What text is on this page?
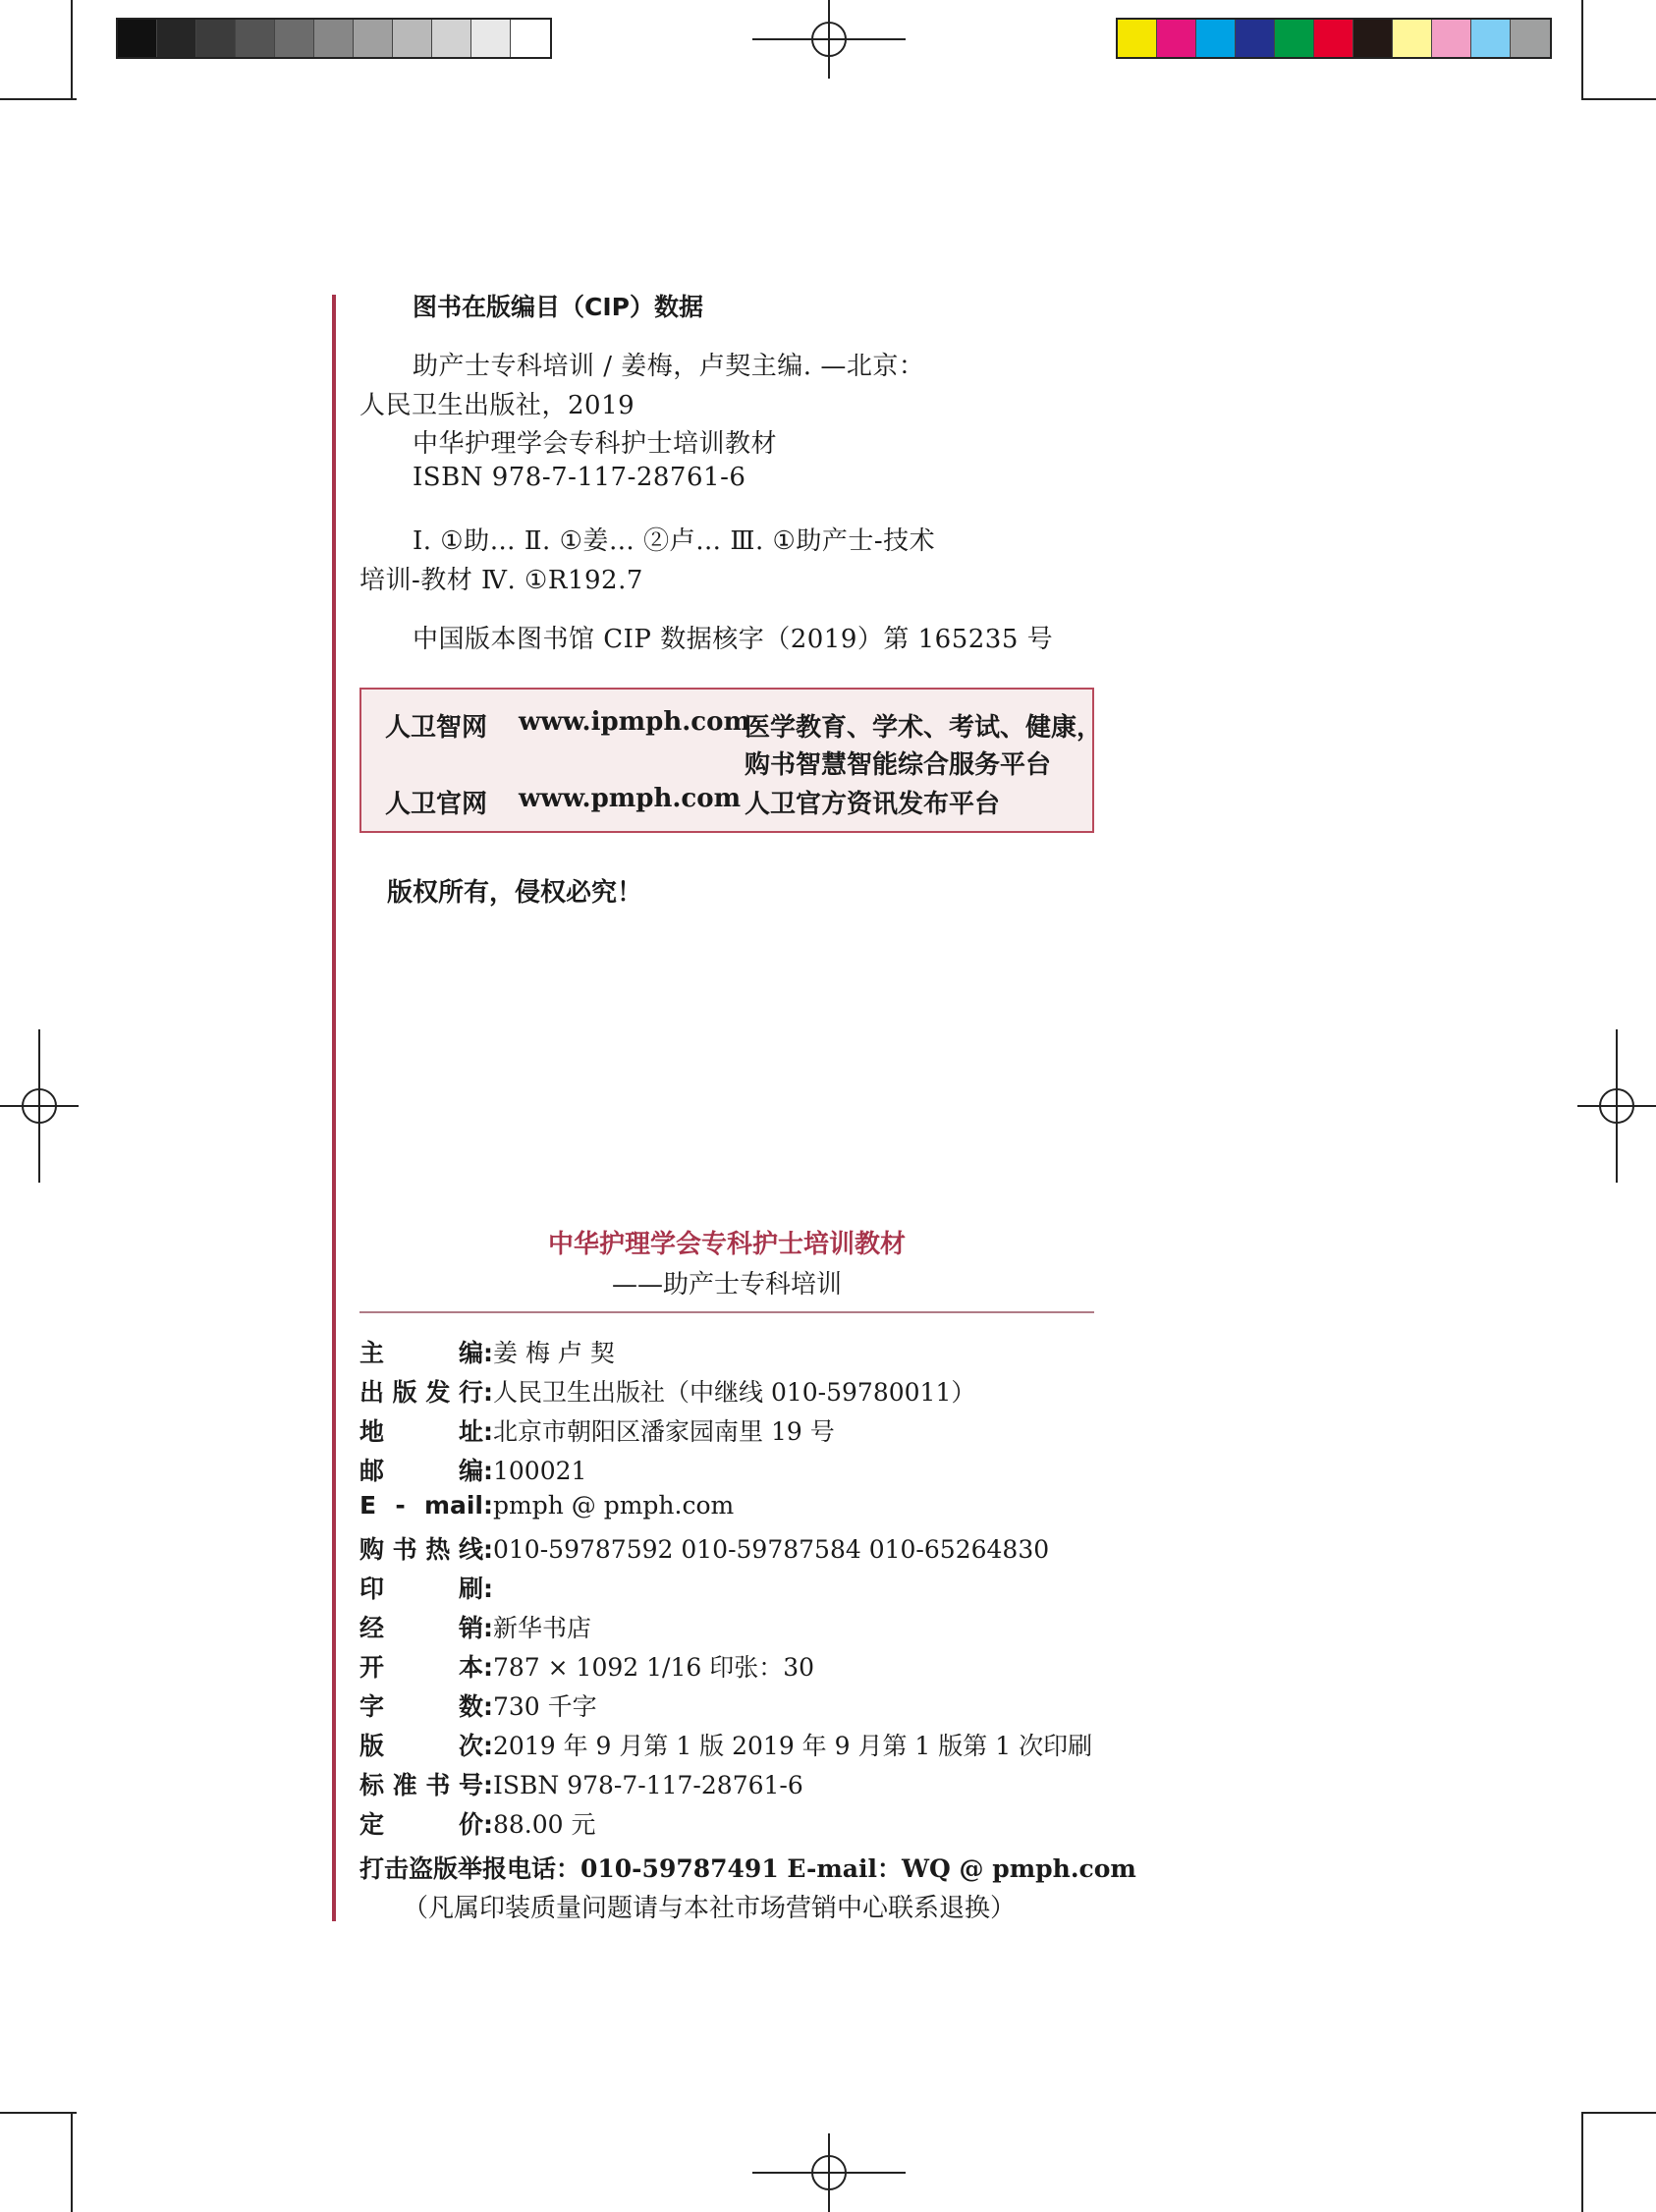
图书在版编目（CIP）数据
助产士专科培训 / 姜梅，卢契主编. —北京：
人民卫生出版社，2019
中华护理学会专科护士培训教材
ISBN 978-7-117-28761-6
Ⅰ. ①助… Ⅱ. ①姜… ②卢… Ⅲ. ①助产士-技术
培训-教材 Ⅳ. ①R192.7
中国版本图书馆 CIP 数据核字（2019）第 165235 号
人卫智网 www.ipmph.com
医学教育、学术、考试、健康，
购书智慧智能综合服务平台
人卫官网 www.pmph.com 人卫官方资讯发布平台
版权所有，侵权必究！
中华护理学会专科护士培训教材
——助产士专科培训
主编:姜 梅 卢 契
出版发行:人民卫生出版社（中继线 010-59780011）
地址:北京市朝阳区潘家园南里 19 号
邮编:100021
E - mail:pmph @ pmph.com
购书热线:010-59787592 010-59787584 010-65264830
印刷:
经销:新华书店
开本:787 × 1092 1/16 印张：30
字数:730 千字
版次:2019 年 9 月第 1 版 2019 年 9 月第 1 版第 1 次印刷
标准书号:ISBN 978-7-117-28761-6
定价:88.00 元
打击盗版举报电话：010-59787491 E-mail：WQ @ pmph.com
（凡属印装质量问题请与本社市场营销中心联系退换）
